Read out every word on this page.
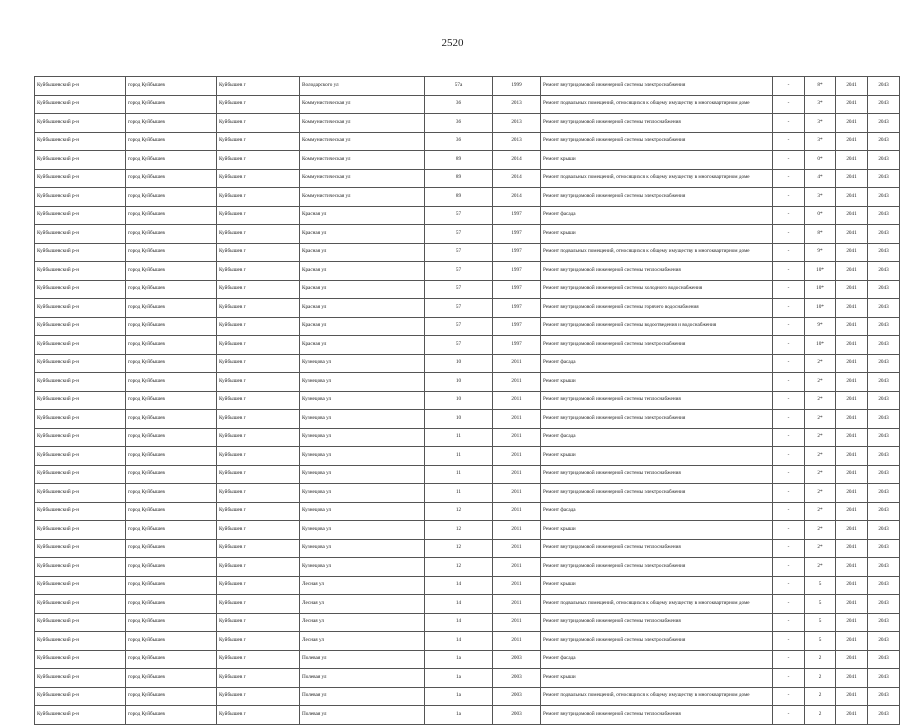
2520
Куйбышевский р-н	город Куйбышев	Куйбышев г	Володарского ул	57а	1999	Ремонт внутридомовой инженерной системы электроснабжения	-	8*	2041	2043
Куйбышевский р-н	город Куйбышев	Куйбышев г	Коммунистическая ул	36	2013	Ремонт подвальных помещений, относящихся к общему имуществу в многоквартирном доме	-	3*	2041	2043
Куйбышевский р-н	город Куйбышев	Куйбышев г	Коммунистическая ул	36	2013	Ремонт внутридомовой инженерной системы теплоснабжения	-	3*	2041	2043
Куйбышевский р-н	город Куйбышев	Куйбышев г	Коммунистическая ул	36	2013	Ремонт внутридомовой инженерной системы электроснабжения	-	3*	2041	2043
Куйбышевский р-н	город Куйбышев	Куйбышев г	Коммунистическая ул	89	2014	Ремонт крыши	-	0*	2041	2043
Куйбышевский р-н	город Куйбышев	Куйбышев г	Коммунистическая ул	89	2014	Ремонт подвальных помещений, относящихся к общему имуществу в многоквартирном доме	-	4*	2041	2043
Куйбышевский р-н	город Куйбышев	Куйбышев г	Коммунистическая ул	89	2014	Ремонт внутридомовой инженерной системы электроснабжения	-	3*	2041	2043
Куйбышевский р-н	город Куйбышев	Куйбышев г	Красная ул	57	1997	Ремонт фасада	-	0*	2041	2043
Куйбышевский р-н	город Куйбышев	Куйбышев г	Красная ул	57	1997	Ремонт крыши	-	8*	2041	2043
Куйбышевский р-н	город Куйбышев	Куйбышев г	Красная ул	57	1997	Ремонт подвальных помещений, относящихся к общему имуществу в многоквартирном доме	-	9*	2041	2043
Куйбышевский р-н	город Куйбышев	Куйбышев г	Красная ул	57	1997	Ремонт внутридомовой инженерной системы теплоснабжения	-	10*	2041	2043
Куйбышевский р-н	город Куйбышев	Куйбышев г	Красная ул	57	1997	Ремонт внутридомовой инженерной системы холодного водоснабжения	-	10*	2041	2043
Куйбышевский р-н	город Куйбышев	Куйбышев г	Красная ул	57	1997	Ремонт внутридомовой инженерной системы горячего водоснабжения	-	10*	2041	2043
Куйбышевский р-н	город Куйбышев	Куйбышев г	Красная ул	57	1997	Ремонт внутридомовой инженерной системы водоотведения и водоснабжения	-	9*	2041	2043
Куйбышевский р-н	город Куйбышев	Куйбышев г	Красная ул	57	1997	Ремонт внутридомовой инженерной системы электроснабжения	-	10*	2041	2043
Куйбышевский р-н	город Куйбышев	Куйбышев г	Кузнецова ул	10	2011	Ремонт фасада	-	2*	2041	2043
Куйбышевский р-н	город Куйбышев	Куйбышев г	Кузнецова ул	10	2011	Ремонт крыши	-	2*	2041	2043
Куйбышевский р-н	город Куйбышев	Куйбышев г	Кузнецова ул	10	2011	Ремонт внутридомовой инженерной системы теплоснабжения	-	2*	2041	2043
Куйбышевский р-н	город Куйбышев	Куйбышев г	Кузнецова ул	10	2011	Ремонт внутридомовой инженерной системы электроснабжения	-	2*	2041	2043
Куйбышевский р-н	город Куйбышев	Куйбышев г	Кузнецова ул	11	2011	Ремонт фасада	-	2*	2041	2043
Куйбышевский р-н	город Куйбышев	Куйбышев г	Кузнецова ул	11	2011	Ремонт крыши	-	2*	2041	2043
Куйбышевский р-н	город Куйбышев	Куйбышев г	Кузнецова ул	11	2011	Ремонт внутридомовой инженерной системы теплоснабжения	-	2*	2041	2043
Куйбышевский р-н	город Куйбышев	Куйбышев г	Кузнецова ул	11	2011	Ремонт внутридомовой инженерной системы электроснабжения	-	2*	2041	2043
Куйбышевский р-н	город Куйбышев	Куйбышев г	Кузнецова ул	12	2011	Ремонт фасада	-	2*	2041	2043
Куйбышевский р-н	город Куйбышев	Куйбышев г	Кузнецова ул	12	2011	Ремонт крыши	-	2*	2041	2043
Куйбышевский р-н	город Куйбышев	Куйбышев г	Кузнецова ул	12	2011	Ремонт внутридомовой инженерной системы теплоснабжения	-	2*	2041	2043
Куйбышевский р-н	город Куйбышев	Куйбышев г	Кузнецова ул	12	2011	Ремонт внутридомовой инженерной системы электроснабжения	-	2*	2041	2043
Куйбышевский р-н	город Куйбышев	Куйбышев г	Лесная ул	14	2011	Ремонт крыши	-	5	2041	2043
Куйбышевский р-н	город Куйбышев	Куйбышев г	Лесная ул	14	2011	Ремонт подвальных помещений, относящихся к общему имуществу в многоквартирном доме	-	5	2041	2043
Куйбышевский р-н	город Куйбышев	Куйбышев г	Лесная ул	14	2011	Ремонт внутридомовой инженерной системы теплоснабжения	-	5	2041	2043
Куйбышевский р-н	город Куйбышев	Куйбышев г	Лесная ул	14	2011	Ремонт внутридомовой инженерной системы электроснабжения	-	5	2041	2043
Куйбышевский р-н	город Куйбышев	Куйбышев г	Полевая ул	1а	2003	Ремонт фасада	-	2	2041	2043
Куйбышевский р-н	город Куйбышев	Куйбышев г	Полевая ул	1а	2003	Ремонт крыши	-	2	2041	2043
Куйбышевский р-н	город Куйбышев	Куйбышев г	Полевая ул	1а	2003	Ремонт подвальных помещений, относящихся к общему имуществу в многоквартирном доме	-	2	2041	2043
Куйбышевский р-н	город Куйбышев	Куйбышев г	Полевая ул	1а	2003	Ремонт внутридомовой инженерной системы теплоснабжения	-	2	2041	2043
